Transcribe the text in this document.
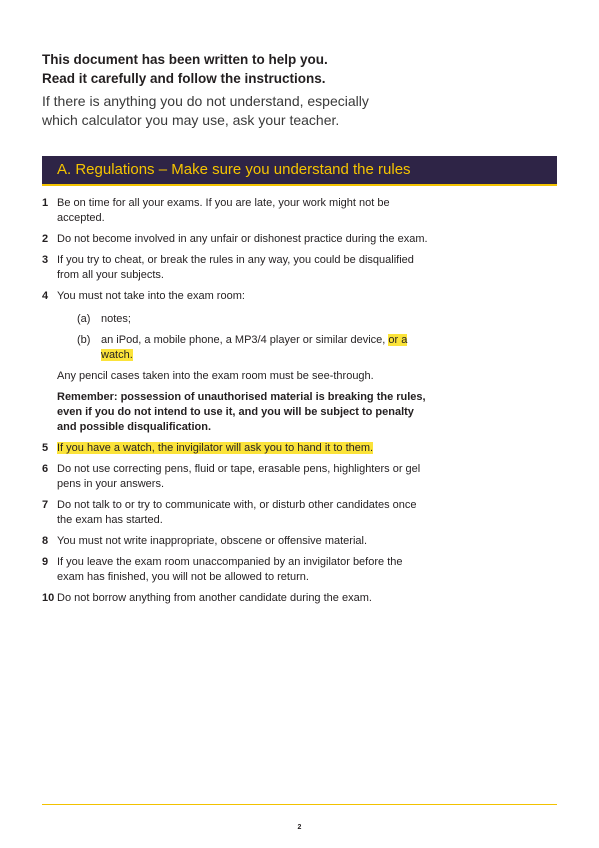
This document has been written to help you.
Read it carefully and follow the instructions.
If there is anything you do not understand, especially
which calculator you may use, ask your teacher.
A. Regulations – Make sure you understand the rules
1 Be on time for all your exams. If you are late, your work might not be accepted.
2 Do not become involved in any unfair or dishonest practice during the exam.
3 If you try to cheat, or break the rules in any way, you could be disqualified from all your subjects.
4 You must not take into the exam room:
(a) notes;
(b) an iPod, a mobile phone, a MP3/4 player or similar device, or a watch.
Any pencil cases taken into the exam room must be see-through.
Remember: possession of unauthorised material is breaking the rules, even if you do not intend to use it, and you will be subject to penalty and possible disqualification.
5 If you have a watch, the invigilator will ask you to hand it to them.
6 Do not use correcting pens, fluid or tape, erasable pens, highlighters or gel pens in your answers.
7 Do not talk to or try to communicate with, or disturb other candidates once the exam has started.
8 You must not write inappropriate, obscene or offensive material.
9 If you leave the exam room unaccompanied by an invigilator before the exam has finished, you will not be allowed to return.
10 Do not borrow anything from another candidate during the exam.
2
